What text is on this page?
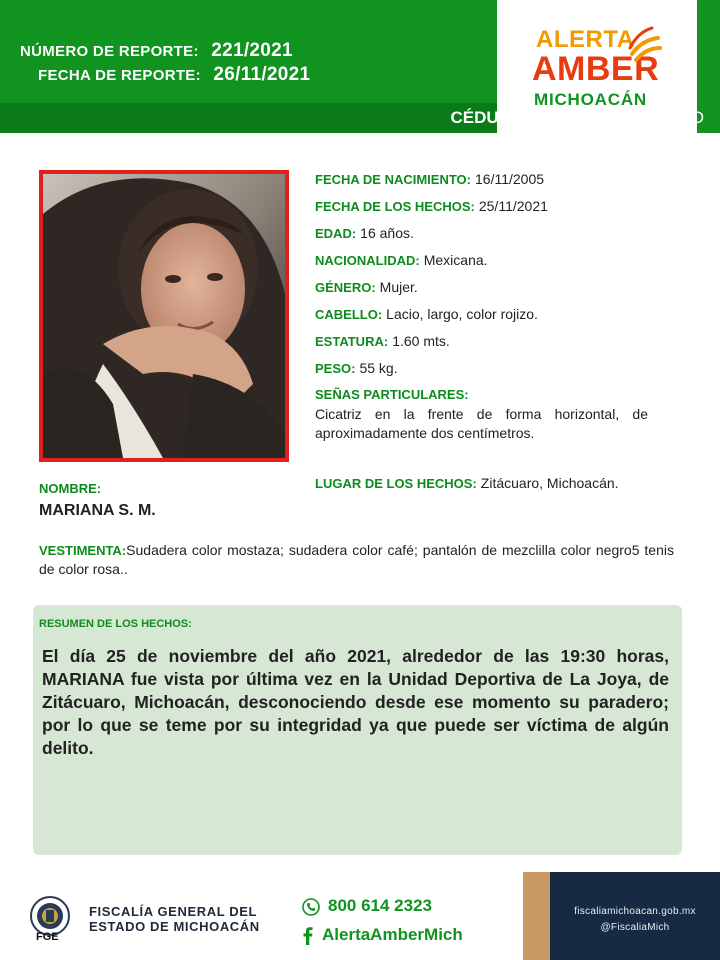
NÚMERO DE REPORTE: 221/2021
FECHA DE REPORTE: 26/11/2021
CÉDULA ÚNICA DE IDENTIDAD
ALERTA
AMBER
MICHOACÁN
FECHA DE NACIMIENTO: 16/11/2005
FECHA DE LOS HECHOS: 25/11/2021
EDAD: 16 años.
NACIONALIDAD: Mexicana.
GÉNERO: Mujer.
CABELLO: Lacio, largo, color rojizo.
ESTATURA: 1.60 mts.
PESO: 55 kg.
SEÑAS PARTICULARES:
Cicatriz en la frente de forma horizontal, de aproximadamente dos centímetros.
LUGAR DE LOS HECHOS: Zitácuaro, Michoacán.
NOMBRE:
MARIANA S. M.
VESTIMENTA:Sudadera color mostaza; sudadera color café; pantalón de mezclilla color negro5 tenis de color rosa..
RESUMEN DE LOS HECHOS:
El día 25 de noviembre del año 2021, alrededor de las 19:30 horas, MARIANA fue vista por última vez en la Unidad Deportiva de La Joya, de Zitácuaro, Michoacán, desconociendo desde ese momento su paradero; por lo que se teme por su integridad ya que puede ser víctima de algún delito.
FGE
FISCALÍA GENERAL DEL
ESTADO DE MICHOACÁN
800 614 2323
AlertaAmberMich
fiscaliamichoacan.gob.mx
@FiscaliaMich
